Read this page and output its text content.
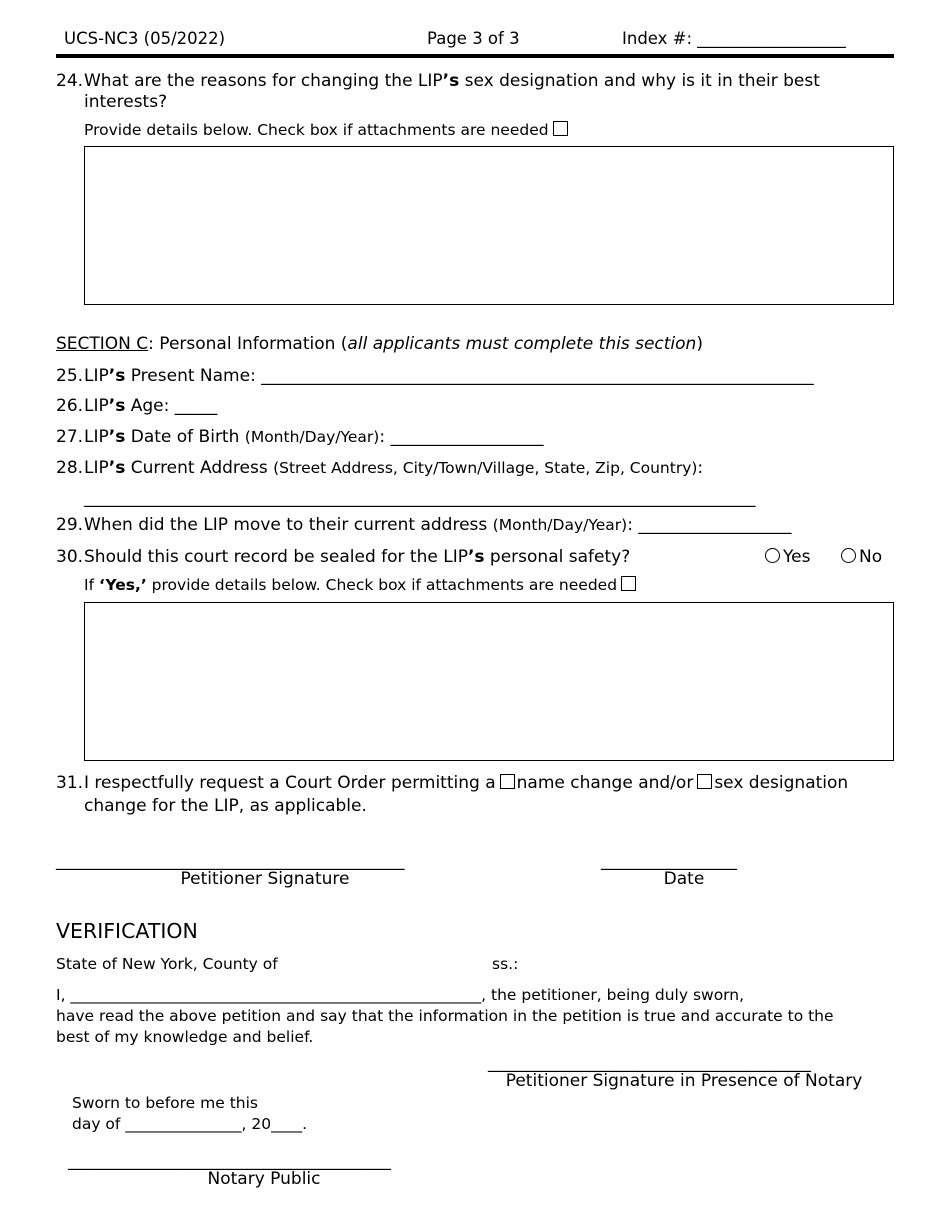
UCS-NC3 (05/2022)	Page 3 of 3	Index #: __________________
24.What are the reasons for changing the LIP’s sex designation and why is it in their best
interests?
Provide details below. Check box if attachments are needed
SECTION C: Personal Information (all applicants must complete this section)
25.LIP’s Present Name: _________________________________________________________________
26.LIP’s Age: _____
27.LIP’s Date of Birth (Month/Day/Year): __________________
28.LIP’s Current Address (Street Address, City/Town/Village, State, Zip, Country):
_______________________________________________________________________________
29.When did the LIP move to their current address (Month/Day/Year): __________________
30.Should this court record be sealed for the LIP’s personal safety?	Yes	No
If ‘Yes,’ provide details below. Check box if attachments are needed
31.I respectfully request a Court Order permitting a name change and/or sex designation
change for the LIP, as applicable.
_________________________________________
Petitioner Signature
________________
Date
VERIFICATION
State of New York, County of	ss.:
I, _____________________________________________________, the petitioner, being duly sworn,
have read the above petition and say that the information in the petition is true and accurate to the
best of my knowledge and belief.
______________________________________
Petitioner Signature in Presence of Notary
Sworn to before me this
day of _______________, 20____.
______________________________________
Notary Public
